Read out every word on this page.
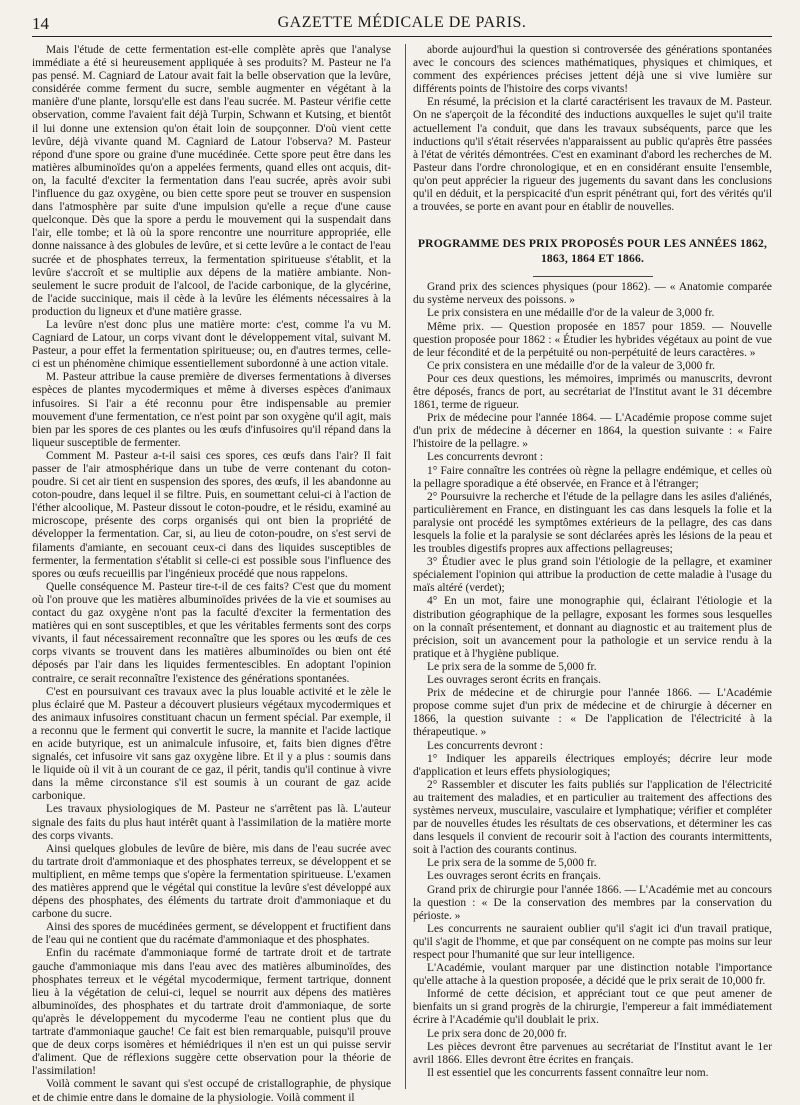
14	GAZETTE MÉDICALE DE PARIS.

Mais l'étude de cette fermentation est-elle complète après que l'analyse immédiate a été si heureusement appliquée à ses produits? M. Pasteur ne l'a pas pensé. M. Cagniard de Latour avait fait la belle observation que la levûre, considérée comme ferment du sucre, semble augmenter en végétant à la manière d'une plante, lorsqu'elle est dans l'eau sucrée. M. Pasteur vérifie cette observation, comme l'avaient fait déjà Turpin, Schwann et Kutsing, et bientôt il lui donne une extension qu'on était loin de soupçonner. D'où vient cette levûre, déjà vivante quand M. Cagniard de Latour l'observa? M. Pasteur répond d'une spore ou graine d'une mucédinée. Cette spore peut être dans les matières albuminoïdes qu'on a appelées ferments, quand elles ont acquis, dit-on, la faculté d'exciter la fermentation dans l'eau sucrée, après avoir subi l'influence du gaz oxygène, ou bien cette spore peut se trouver en suspension dans l'atmosphère par suite d'une impulsion qu'elle a reçue d'une cause quelconque. Dès que la spore a perdu le mouvement qui la suspendait dans l'air, elle tombe; et là où la spore rencontre une nourriture appropriée, elle donne naissance à des globules de levûre, et si cette levûre a le contact de l'eau sucrée et de phosphates terreux, la fermentation spiritueuse s'établit, et la levûre s'accroît et se multiplie aux dépens de la matière ambiante. Non-seulement le sucre produit de l'alcool, de l'acide carbonique, de la glycérine, de l'acide succinique, mais il cède à la levûre les éléments nécessaires à la production du ligneux et d'une matière grasse.

La levûre n'est donc plus une matière morte: c'est, comme l'a vu M. Cagniard de Latour, un corps vivant dont le développement vital, suivant M. Pasteur, a pour effet la fermentation spiritueuse; ou, en d'autres termes, celle-ci est un phénomène chimique essentiellement subordonné à une action vitale.

M. Pasteur attribue la cause première de diverses fermentations à diverses espèces de plantes mycodermiques et même à diverses espèces d'animaux infusoires. Si l'air a été reconnu pour être indispensable au premier mouvement d'une fermentation, ce n'est point par son oxygène qu'il agit, mais bien par les spores de ces plantes ou les œufs d'infusoires qu'il répand dans la liqueur susceptible de fermenter.

Comment M. Pasteur a-t-il saisi ces spores, ces œufs dans l'air? Il fait passer de l'air atmosphérique dans un tube de verre contenant du coton-poudre. Si cet air tient en suspension des spores, des œufs, il les abandonne au coton-poudre, dans lequel il se filtre. Puis, en soumettant celui-ci à l'action de l'éther alcoolique, M. Pasteur dissout le coton-poudre, et le résidu, examiné au microscope, présente des corps organisés qui ont bien la propriété de développer la fermentation. Car, si, au lieu de coton-poudre, on s'est servi de filaments d'amiante, en secouant ceux-ci dans des liquides susceptibles de fermenter, la fermentation s'établit si celle-ci est possible sous l'influence des spores ou œufs recueillis par l'ingénieux procédé que nous rappelons.

Quelle conséquence M. Pasteur tire-t-il de ces faits? C'est que du moment où l'on prouve que les matières albuminoïdes privées de la vie et soumises au contact du gaz oxygène n'ont pas la faculté d'exciter la fermentation des matières qui en sont susceptibles, et que les véritables ferments sont des corps vivants, il faut nécessairement reconnaître que les spores ou les œufs de ces corps vivants se trouvent dans les matières albuminoïdes ou bien ont été déposés par l'air dans les liquides fermentescibles. En adoptant l'opinion contraire, ce serait reconnaître l'existence des générations spontanées.

C'est en poursuivant ces travaux avec la plus louable activité et le zèle le plus éclairé que M. Pasteur a découvert plusieurs végétaux mycodermiques et des animaux infusoires constituant chacun un ferment spécial. Par exemple, il a reconnu que le ferment qui convertit le sucre, la mannite et l'acide lactique en acide butyrique, est un animalcule infusoire, et, faits bien dignes d'être signalés, cet infusoire vit sans gaz oxygène libre. Et il y a plus : soumis dans le liquide où il vit à un courant de ce gaz, il périt, tandis qu'il continue à vivre dans la même circonstance s'il est soumis à un courant de gaz acide carbonique.

Les travaux physiologiques de M. Pasteur ne s'arrêtent pas là. L'auteur signale des faits du plus haut intérêt quant à l'assimilation de la matière morte des corps vivants.

Ainsi quelques globules de levûre de bière, mis dans de l'eau sucrée avec du tartrate droit d'ammoniaque et des phosphates terreux, se développent et se multiplient, en même temps que s'opère la fermentation spiritueuse. L'examen des matières apprend que le végétal qui constitue la levûre s'est développé aux dépens des phosphates, des éléments du tartrate droit d'ammoniaque et du carbone du sucre.

Ainsi des spores de mucédinées germent, se développent et fructifient dans de l'eau qui ne contient que du racémate d'ammoniaque et des phosphates.

Enfin du racémate d'ammoniaque formé de tartrate droit et de tartrate gauche d'ammoniaque mis dans l'eau avec des matières albuminoïdes, des phosphates terreux et le végétal mycodermique, ferment tartrique, donnent lieu à la végétation de celui-ci, lequel se nourrit aux dépens des matières albuminoïdes, des phosphates et du tartrate droit d'ammoniaque, de sorte qu'après le développement du mycoderme l'eau ne contient plus que du tartrate d'ammoniaque gauche! Ce fait est bien remarquable, puisqu'il prouve que de deux corps isomères et hémiédriques il n'en est un qui puisse servir d'aliment. Que de réflexions suggère cette observation pour la théorie de l'assimilation!

Voilà comment le savant qui s'est occupé de cristallographie, de physique et de chimie entre dans le domaine de la physiologie. Voilà comment il

aborde aujourd'hui la question si controversée des générations spontanées avec le concours des sciences mathématiques, physiques et chimiques, et comment des expériences précises jettent déjà une si vive lumière sur différents points de l'histoire des corps vivants!

En résumé, la précision et la clarté caractérisent les travaux de M. Pasteur. On ne s'aperçoit de la fécondité des inductions auxquelles le sujet qu'il traite actuellement l'a conduit, que dans les travaux subséquents, parce que les inductions qu'il s'était réservées n'apparaissent au public qu'après être passées à l'état de vérités démontrées. C'est en examinant d'abord les recherches de M. Pasteur dans l'ordre chronologique, et en en considérant ensuite l'ensemble, qu'on peut apprécier la rigueur des jugements du savant dans les conclusions qu'il en déduit, et la perspicacité d'un esprit pénétrant qui, fort des vérités qu'il a trouvées, se porte en avant pour en établir de nouvelles.

PROGRAMME DES PRIX PROPOSÉS POUR LES ANNÉES 1862, 1863, 1864 ET 1866.

Grand prix des sciences physiques (pour 1862). — « Anatomie comparée du système nerveux des poissons. »

Le prix consistera en une médaille d'or de la valeur de 3,000 fr.

Même prix. — Question proposée en 1857 pour 1859. — Nouvelle question proposée pour 1862 : « Étudier les hybrides végétaux au point de vue de leur fécondité et de la perpétuité ou non-perpétuité de leurs caractères. »

Ce prix consistera en une médaille d'or de la valeur de 3,000 fr.

Pour ces deux questions, les mémoires, imprimés ou manuscrits, devront être déposés, francs de port, au secrétariat de l'Institut avant le 31 décembre 1861, terme de rigueur.

Prix de médecine pour l'année 1864. — L'Académie propose comme sujet d'un prix de médecine à décerner en 1864, la question suivante : « Faire l'histoire de la pellagre. »

Les concurrents devront :

1° Faire connaître les contrées où règne la pellagre endémique, et celles où la pellagre sporadique a été observée, en France et à l'étranger;

2° Poursuivre la recherche et l'étude de la pellagre dans les asiles d'aliénés, particulièrement en France, en distinguant les cas dans lesquels la folie et la paralysie ont procédé les symptômes extérieurs de la pellagre, des cas dans lesquels la folie et la paralysie se sont déclarées après les lésions de la peau et les troubles digestifs propres aux affections pellagreuses;

3° Étudier avec le plus grand soin l'étiologie de la pellagre, et examiner spécialement l'opinion qui attribue la production de cette maladie à l'usage du maïs altéré (verdet);

4° En un mot, faire une monographie qui, éclairant l'étiologie et la distribution géographique de la pellagre, exposant les formes sous lesquelles on la connaît présentement, et donnant au diagnostic et au traitement plus de précision, soit un avancement pour la pathologie et un service rendu à la pratique et à l'hygiène publique.

Le prix sera de la somme de 5,000 fr.

Les ouvrages seront écrits en français.

Prix de médecine et de chirurgie pour l'année 1866. — L'Académie propose comme sujet d'un prix de médecine et de chirurgie à décerner en 1866, la question suivante : « De l'application de l'électricité à la thérapeutique. »

Les concurrents devront :

1° Indiquer les appareils électriques employés; décrire leur mode d'application et leurs effets physiologiques;

2° Rassembler et discuter les faits publiés sur l'application de l'électricité au traitement des maladies, et en particulier au traitement des affections des systèmes nerveux, musculaire, vasculaire et lymphatique; vérifier et compléter par de nouvelles études les résultats de ces observations, et déterminer les cas dans lesquels il convient de recourir soit à l'action des courants intermittents, soit à l'action des courants continus.

Le prix sera de la somme de 5,000 fr.

Les ouvrages seront écrits en français.

Grand prix de chirurgie pour l'année 1866. — L'Académie met au concours la question : « De la conservation des membres par la conservation du périoste. »

Les concurrents ne sauraient oublier qu'il s'agit ici d'un travail pratique, qu'il s'agit de l'homme, et que par conséquent on ne compte pas moins sur leur respect pour l'humanité que sur leur intelligence.

L'Académie, voulant marquer par une distinction notable l'importance qu'elle attache à la question proposée, a décidé que le prix serait de 10,000 fr.

Informé de cette décision, et appréciant tout ce que peut amener de bienfaits un si grand progrès de la chirurgie, l'empereur a fait immédiatement écrire à l'Académie qu'il doublait le prix.

Le prix sera donc de 20,000 fr.

Les pièces devront être parvenues au secrétariat de l'Institut avant le 1er avril 1866. Elles devront être écrites en français.

Il est essentiel que les concurrents fassent connaître leur nom.
